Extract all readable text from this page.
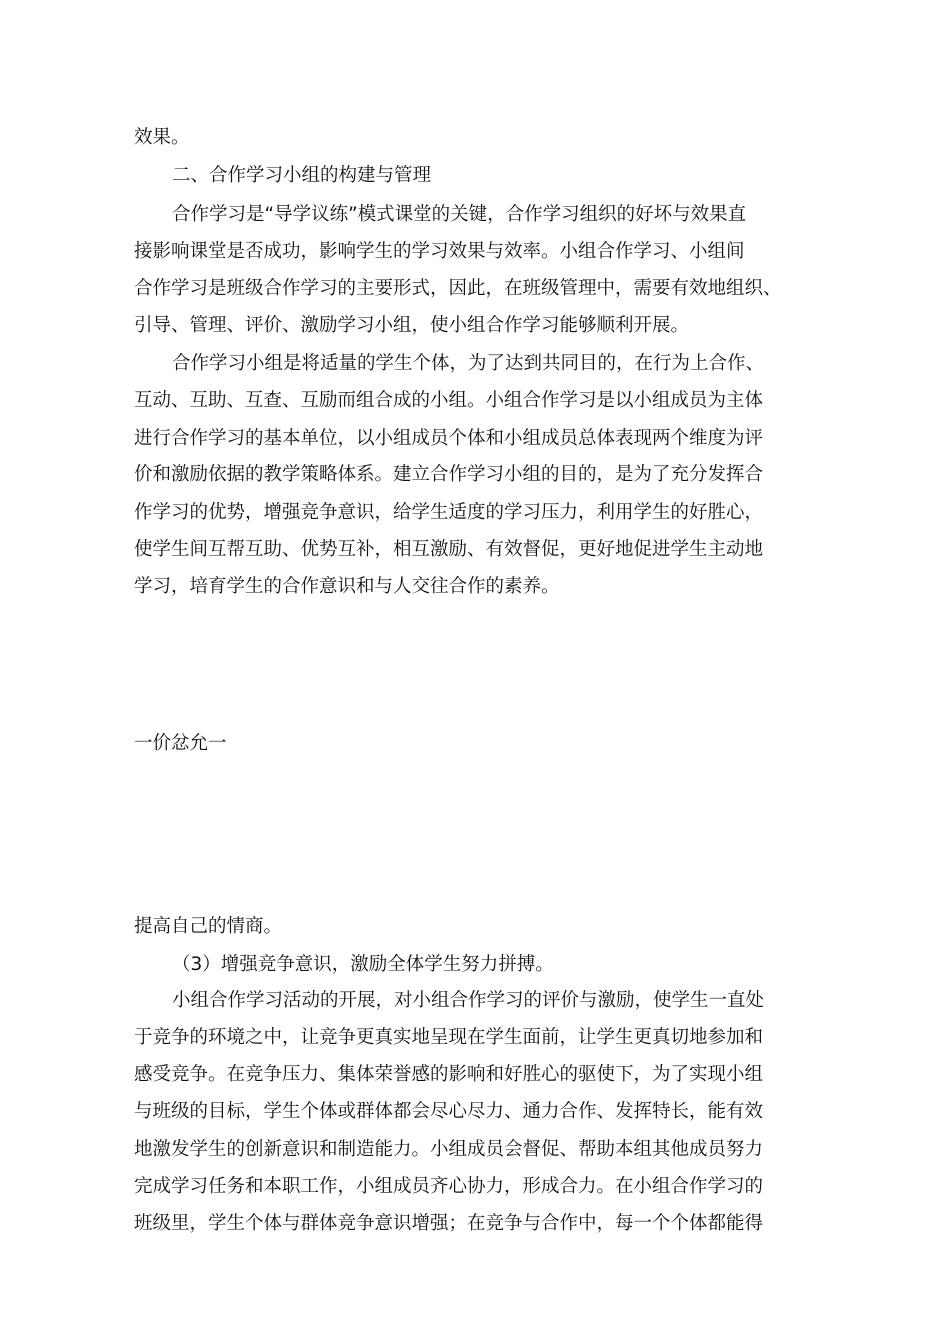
效果。
二、合作学习小组的构建与管理
合作学习是“导学议练”模式课堂的关键，合作学习组织的好坏与效果直
接影响课堂是否成功，影响学生的学习效果与效率。小组合作学习、小组间
合作学习是班级合作学习的主要形式，因此，在班级管理中，需要有效地组织、
引导、管理、评价、激励学习小组，使小组合作学习能够顺利开展。
合作学习小组是将适量的学生个体，为了达到共同目的，在行为上合作、
互动、互助、互查、互励而组合成的小组。小组合作学习是以小组成员为主体
进行合作学习的基本单位，以小组成员个体和小组成员总体表现两个维度为评
价和激励依据的教学策略体系。建立合作学习小组的目的，是为了充分发挥合
作学习的优势，增强竞争意识，给学生适度的学习压力，利用学生的好胜心，
使学生间互帮互助、优势互补，相互激励、有效督促，更好地促进学生主动地
学习，培育学生的合作意识和与人交往合作的素养。
一价忿允一
提高自己的情商。
（3）增强竞争意识，激励全体学生努力拼搏。
小组合作学习活动的开展，对小组合作学习的评价与激励，使学生一直处
于竞争的环境之中，让竞争更真实地呈现在学生面前，让学生更真切地参加和
感受竞争。在竞争压力、集体荣誉感的影响和好胜心的驱使下，为了实现小组
与班级的目标，学生个体或群体都会尽心尽力、通力合作、发挥特长，能有效
地激发学生的创新意识和制造能力。小组成员会督促、帮助本组其他成员努力
完成学习任务和本职工作，小组成员齐心协力，形成合力。在小组合作学习的
班级里，学生个体与群体竞争意识增强；在竞争与合作中，每一个个体都能得
